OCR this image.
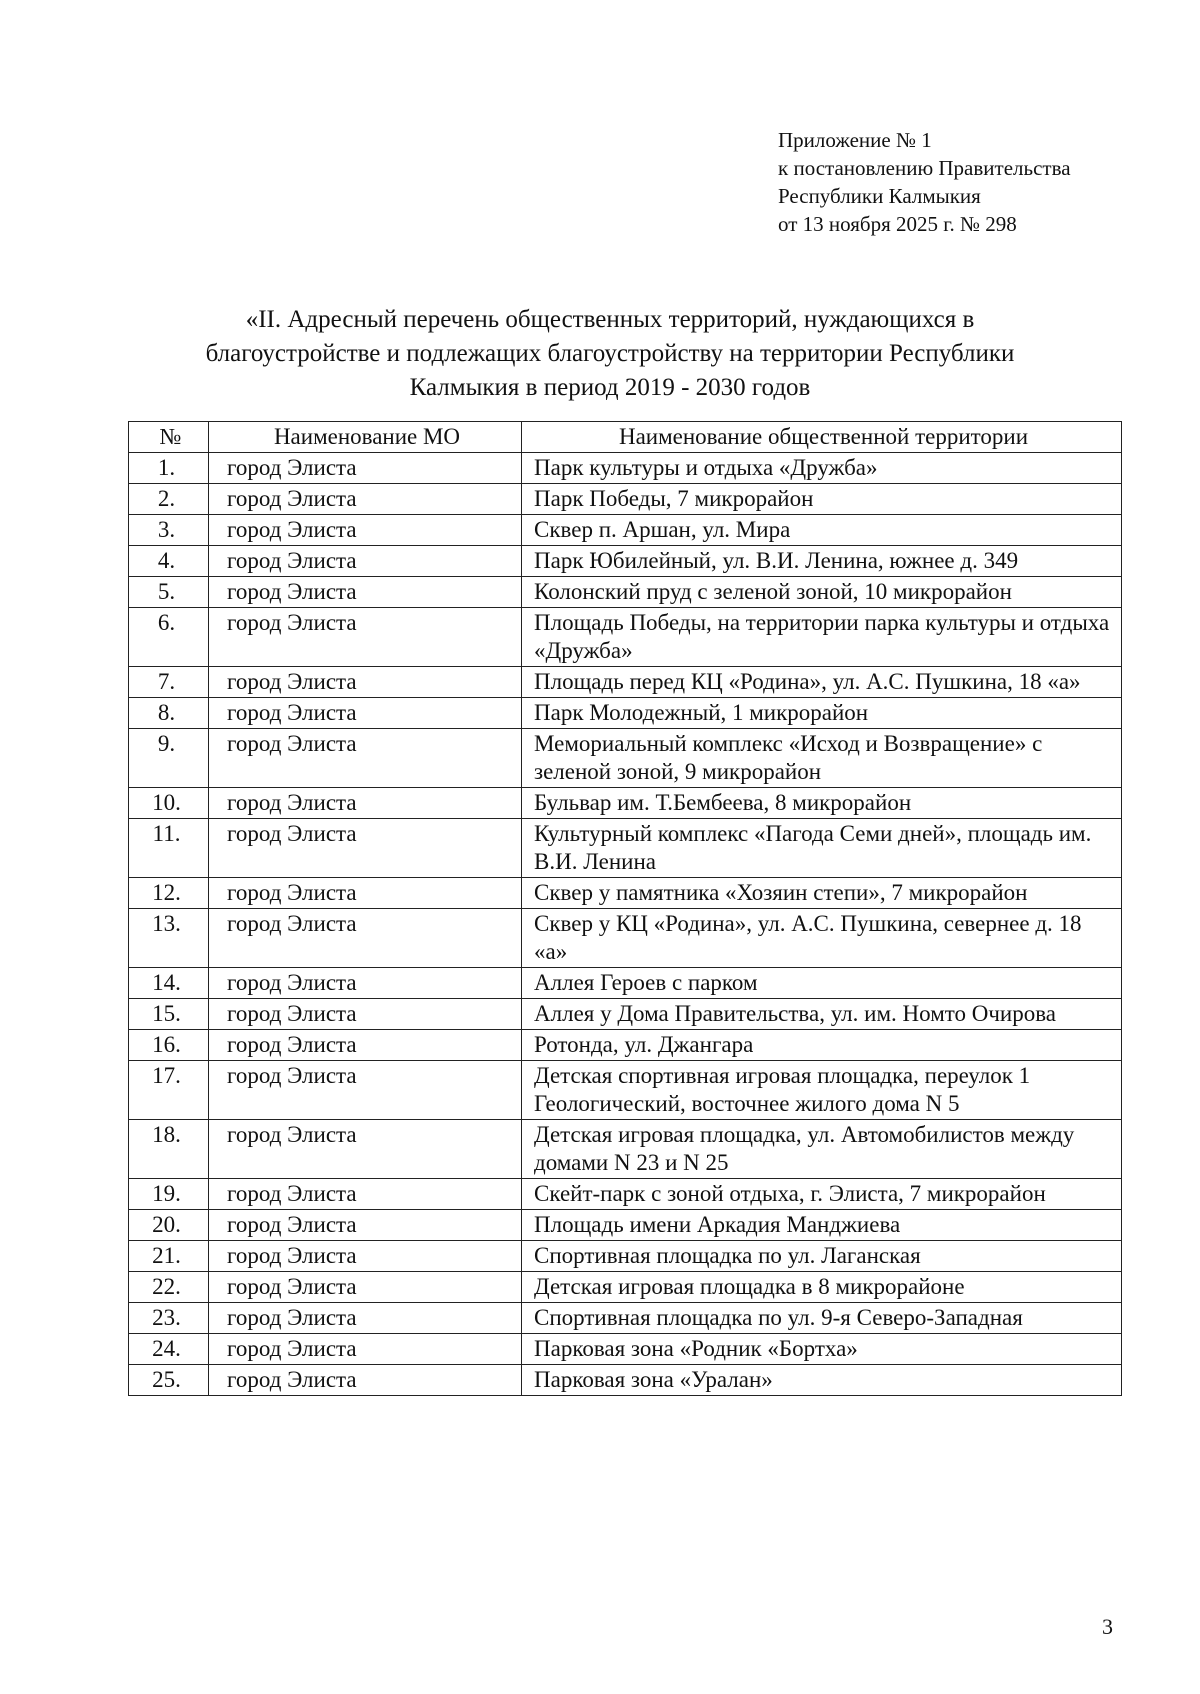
Приложение № 1
к постановлению Правительства
Республики Калмыкия
от 13 ноября 2025 г. № 298
«II. Адресный перечень общественных территорий, нуждающихся в
благоустройстве и подлежащих благоустройству на территории Республики
Калмыкия в период 2019 - 2030 годов
№	Наименование МО	Наименование общественной территории
1.	город Элиста	Парк культуры и отдыха «Дружба»
2.	город Элиста	Парк Победы, 7 микрорайон
3.	город Элиста	Сквер п. Аршан, ул. Мира
4.	город Элиста	Парк Юбилейный, ул. В.И. Ленина, южнее д. 349
5.	город Элиста	Колонский пруд с зеленой зоной, 10 микрорайон
6.	город Элиста	Площадь Победы, на территории парка культуры и отдыха «Дружба»
7.	город Элиста	Площадь перед КЦ «Родина», ул. А.С. Пушкина, 18 «а»
8.	город Элиста	Парк Молодежный, 1 микрорайон
9.	город Элиста	Мемориальный комплекс «Исход и Возвращение» с зеленой зоной, 9 микрорайон
10.	город Элиста	Бульвар им. Т.Бембеева, 8 микрорайон
11.	город Элиста	Культурный комплекс «Пагода Семи дней», площадь им. В.И. Ленина
12.	город Элиста	Сквер у памятника «Хозяин степи», 7 микрорайон
13.	город Элиста	Сквер у КЦ «Родина», ул. А.С. Пушкина, севернее д. 18 «а»
14.	город Элиста	Аллея Героев с парком
15.	город Элиста	Аллея у Дома Правительства, ул. им. Номто Очирова
16.	город Элиста	Ротонда, ул. Джангара
17.	город Элиста	Детская спортивная игровая площадка, переулок 1 Геологический, восточнее жилого дома N 5
18.	город Элиста	Детская игровая площадка, ул. Автомобилистов между домами N 23 и N 25
19.	город Элиста	Скейт-парк с зоной отдыха, г. Элиста, 7 микрорайон
20.	город Элиста	Площадь имени Аркадия Манджиева
21.	город Элиста	Спортивная площадка по ул. Лаганская
22.	город Элиста	Детская игровая площадка в 8 микрорайоне
23.	город Элиста	Спортивная площадка по ул. 9-я Северо-Западная
24.	город Элиста	Парковая зона «Родник «Бортха»
25.	город Элиста	Парковая зона «Уралан»
3
